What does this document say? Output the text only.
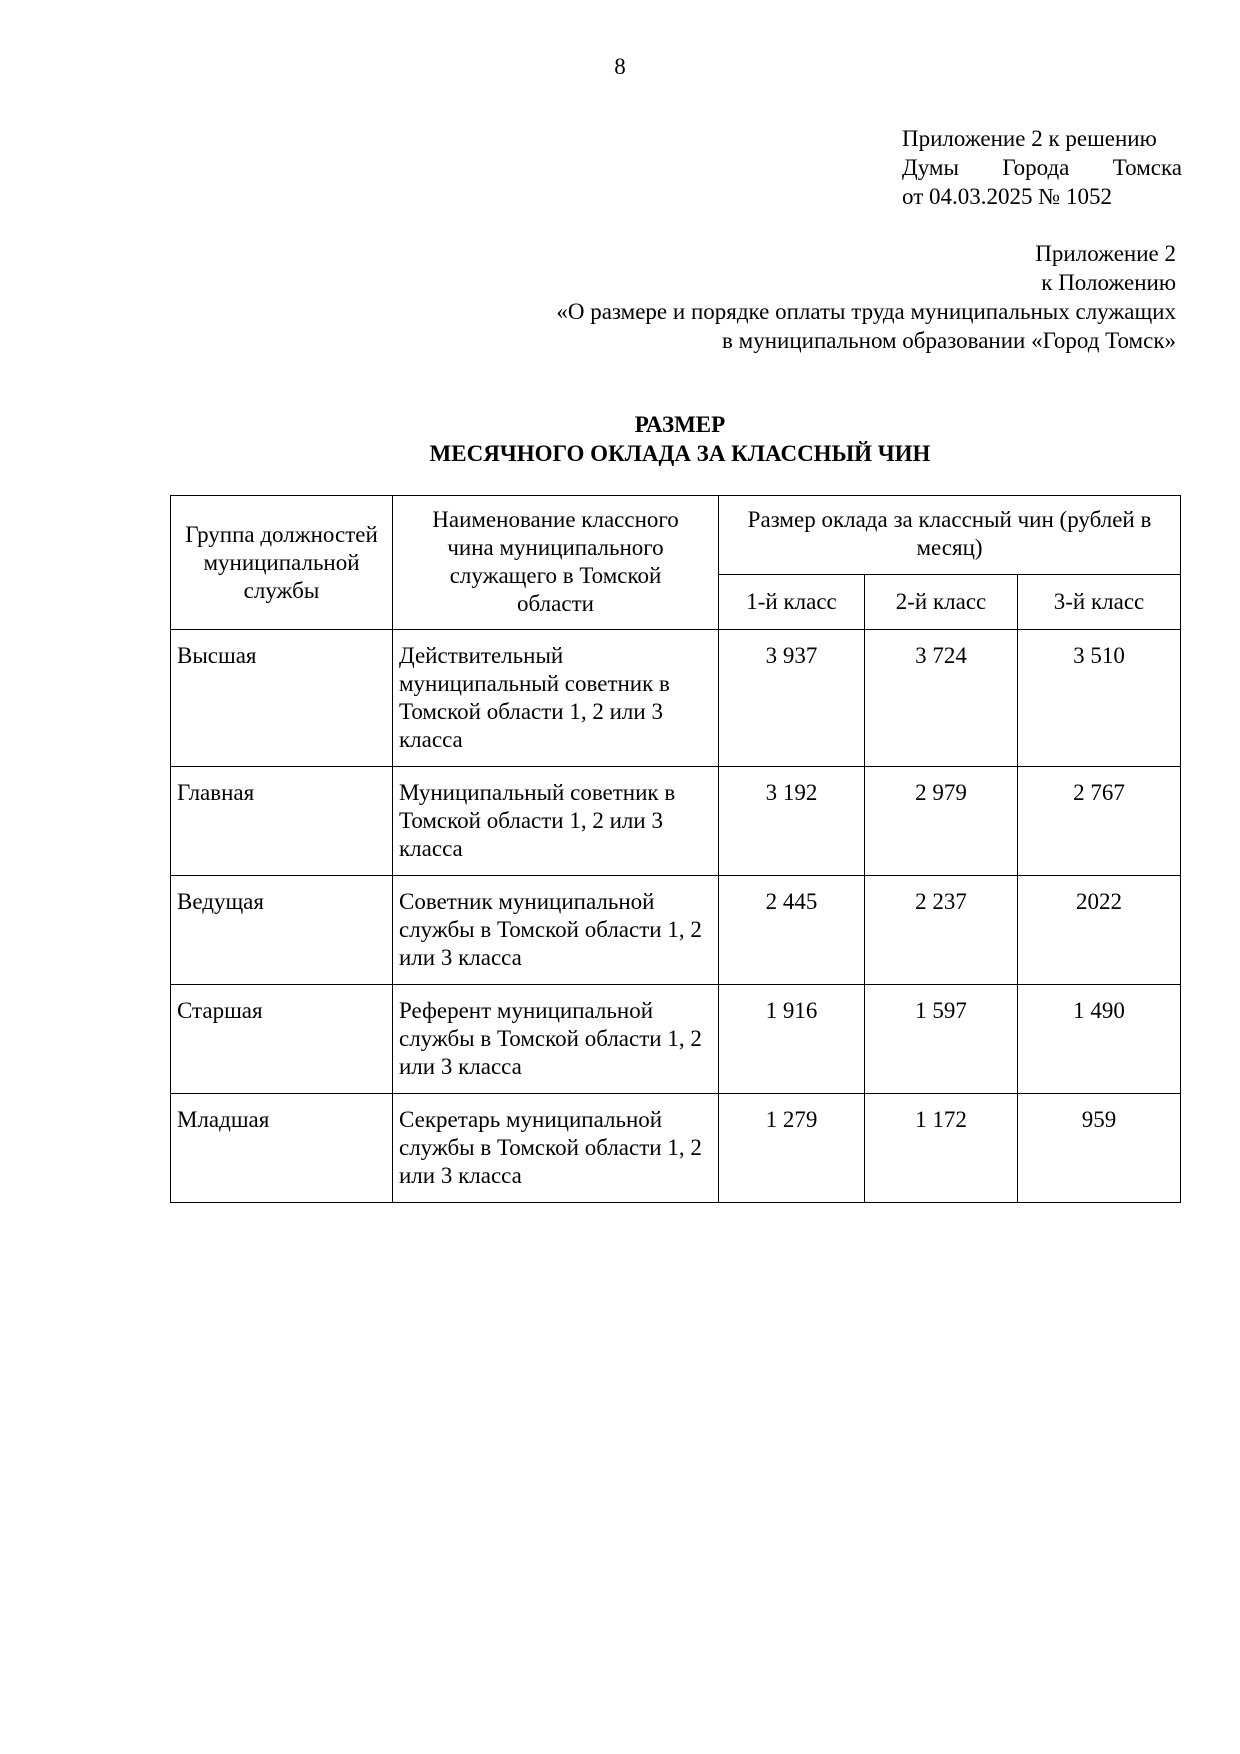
8
Приложение 2 к решению
Думы Города Томска
от 04.03.2025 № 1052
Приложение 2
к Положению
«О размере и порядке оплаты труда муниципальных служащих
в муниципальном образовании «Город Томск»
РАЗМЕР
МЕСЯЧНОГО ОКЛАДА ЗА КЛАССНЫЙ ЧИН
Группа должностей
муниципальной
службы	Наименование классного
чина муниципального
служащего в Томской
области	Размер оклада за классный чин (рублей в
месяц)		

		1-й класс	2-й класс	3-й класс
Высшая	Действительный муниципальный советник в Томской области 1, 2 или 3 класса	3 937	3 724	3 510
Главная	Муниципальный советник в Томской области 1, 2 или 3 класса	3 192	2 979	2 767
Ведущая	Советник муниципальной службы в Томской области 1, 2 или 3 класса	2 445	2 237	2022
Старшая	Референт муниципальной службы в Томской области 1, 2 или 3 класса	1 916	1 597	1 490
Младшая	Секретарь муниципальной службы в Томской области 1, 2 или 3 класса	1 279	1 172	959
